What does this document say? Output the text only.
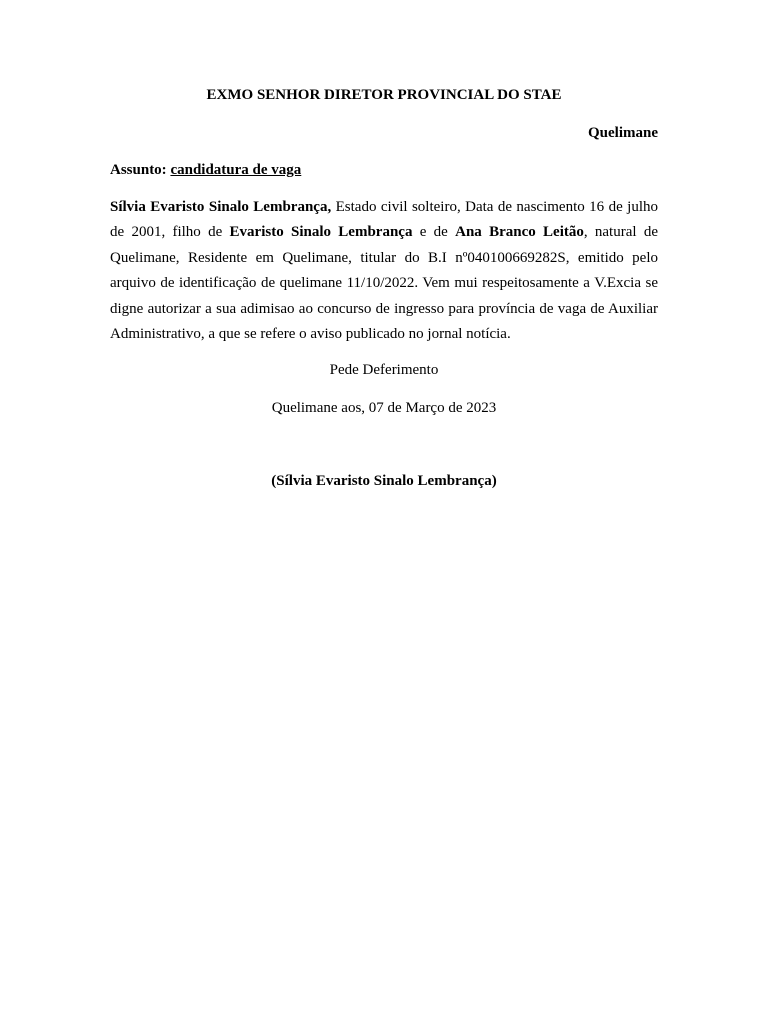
EXMO SENHOR DIRETOR PROVINCIAL DO STAE
Quelimane
Assunto: candidatura de vaga
Sílvia Evaristo Sinalo Lembrança, Estado civil solteiro, Data de nascimento 16 de julho de 2001, filho de Evaristo Sinalo Lembrança e de Ana Branco Leitão, natural de Quelimane, Residente em Quelimane, titular do B.I nº040100669282S, emitido pelo arquivo de identificação de quelimane 11/10/2022. Vem mui respeitosamente a V.Excia se digne autorizar a sua adimisao ao concurso de ingresso para província de vaga de Auxiliar Administrativo, a que se refere o aviso publicado no jornal notícia.
Pede Deferimento
Quelimane aos, 07 de Março de 2023
(Sílvia Evaristo Sinalo Lembrança)
